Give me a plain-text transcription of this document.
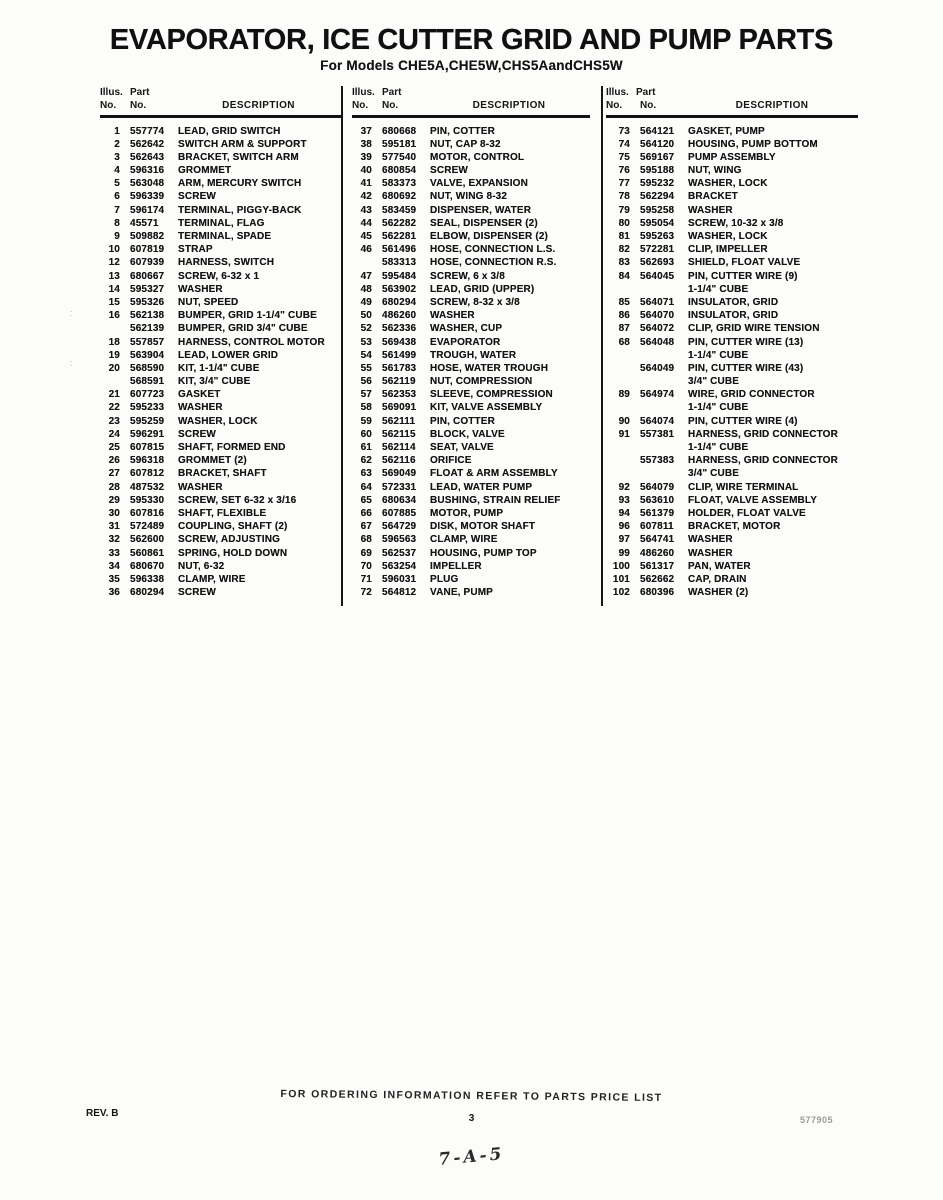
EVAPORATOR, ICE CUTTER GRID AND PUMP PARTS
For Models CHE5A,CHE5W,CHS5AandCHS5W
Illus. Part
No.	No.	DESCRIPTION
1 557774	LEAD, GRID SWITCH
2 562642	SWITCH ARM & SUPPORT
3 562643	BRACKET, SWITCH ARM
4 596316	GROMMET
5 563048	ARM, MERCURY SWITCH
6 596339	SCREW
7 596174	TERMINAL, PIGGY-BACK
8 45571	TERMINAL, FLAG
9 509882	TERMINAL, SPADE
10 607819	STRAP
12 607939	HARNESS, SWITCH
13 680667	SCREW, 6-32 x 1
14 595327	WASHER
15 595326	NUT, SPEED
16 562138	BUMPER, GRID 1-1/4" CUBE
562139	BUMPER, GRID 3/4" CUBE
18 557857	HARNESS, CONTROL MOTOR
19 563904	LEAD, LOWER GRID
20 568590	KIT, 1-1/4" CUBE
568591	KIT, 3/4" CUBE
21 607723	GASKET
22 595233	WASHER
23 595259	WASHER, LOCK
24 596291	SCREW
25 607815	SHAFT, FORMED END
26 596318	GROMMET (2)
27 607812	BRACKET, SHAFT
28 487532	WASHER
29 595330	SCREW, SET 6-32 x 3/16
30 607816	SHAFT, FLEXIBLE
31 572489	COUPLING, SHAFT (2)
32 562600	SCREW, ADJUSTING
33 560861	SPRING, HOLD DOWN
34 680670	NUT, 6-32
35 596338	CLAMP, WIRE
36 680294	SCREW
Illus. Part
No.	No.	DESCRIPTION
37 680668	PIN, COTTER
38 595181	NUT, CAP 8-32
39 577540	MOTOR, CONTROL
40 680854	SCREW
41 583373	VALVE, EXPANSION
42 680692	NUT, WING 8-32
43 583459	DISPENSER, WATER
44 562282	SEAL, DISPENSER (2)
45 562281	ELBOW, DISPENSER (2)
46 561496	HOSE, CONNECTION L.S.
583313	HOSE, CONNECTION R.S.
47 595484	SCREW, 6 x 3/8
48 563902	LEAD, GRID (UPPER)
49 680294	SCREW, 8-32 x 3/8
50 486260	WASHER
52 562336	WASHER, CUP
53 569438	EVAPORATOR
54 561499	TROUGH, WATER
55 561783	HOSE, WATER TROUGH
56 562119	NUT, COMPRESSION
57 562353	SLEEVE, COMPRESSION
58 569091	KIT, VALVE ASSEMBLY
59 562111	PIN, COTTER
60 562115	BLOCK, VALVE
61 562114	SEAT, VALVE
62 562116	ORIFICE
63 569049	FLOAT & ARM ASSEMBLY
64 572331	LEAD, WATER PUMP
65 680634	BUSHING, STRAIN RELIEF
66 607885	MOTOR, PUMP
67 564729	DISK, MOTOR SHAFT
68 596563	CLAMP, WIRE
69 562537	HOUSING, PUMP TOP
70 563254	IMPELLER
71 596031	PLUG
72 564812	VANE, PUMP
Illus. Part
No.	No.	DESCRIPTION
73 564121	GASKET, PUMP
74 564120	HOUSING, PUMP BOTTOM
75 569167	PUMP ASSEMBLY
76 595188	NUT, WING
77 595232	WASHER, LOCK
78 562294	BRACKET
79 595258	WASHER
80 595054	SCREW, 10-32 x 3/8
81 595263	WASHER, LOCK
82 572281	CLIP, IMPELLER
83 562693	SHIELD, FLOAT VALVE
84 564045	PIN, CUTTER WIRE (9)
1-1/4" CUBE
85 564071	INSULATOR, GRID
86 564070	INSULATOR, GRID
87 564072	CLIP, GRID WIRE TENSION
68 564048	PIN, CUTTER WIRE (13)
1-1/4" CUBE
564049	PIN, CUTTER WIRE (43)
3/4" CUBE
89 564974	WIRE, GRID CONNECTOR
1-1/4" CUBE
90 564074	PIN, CUTTER WIRE (4)
91 557381	HARNESS, GRID CONNECTOR
1-1/4" CUBE
557383	HARNESS, GRID CONNECTOR
3/4" CUBE
92 564079	CLIP, WIRE TERMINAL
93 563610	FLOAT, VALVE ASSEMBLY
94 561379	HOLDER, FLOAT VALVE
96 607811	BRACKET, MOTOR
97 564741	WASHER
99 486260	WASHER
100 561317	PAN, WATER
101 562662	CAP, DRAIN
102 680396	WASHER (2)
:
:
FOR ORDERING INFORMATION REFER TO PARTS PRICE LIST
REV. B	3	577905
7-A-5
